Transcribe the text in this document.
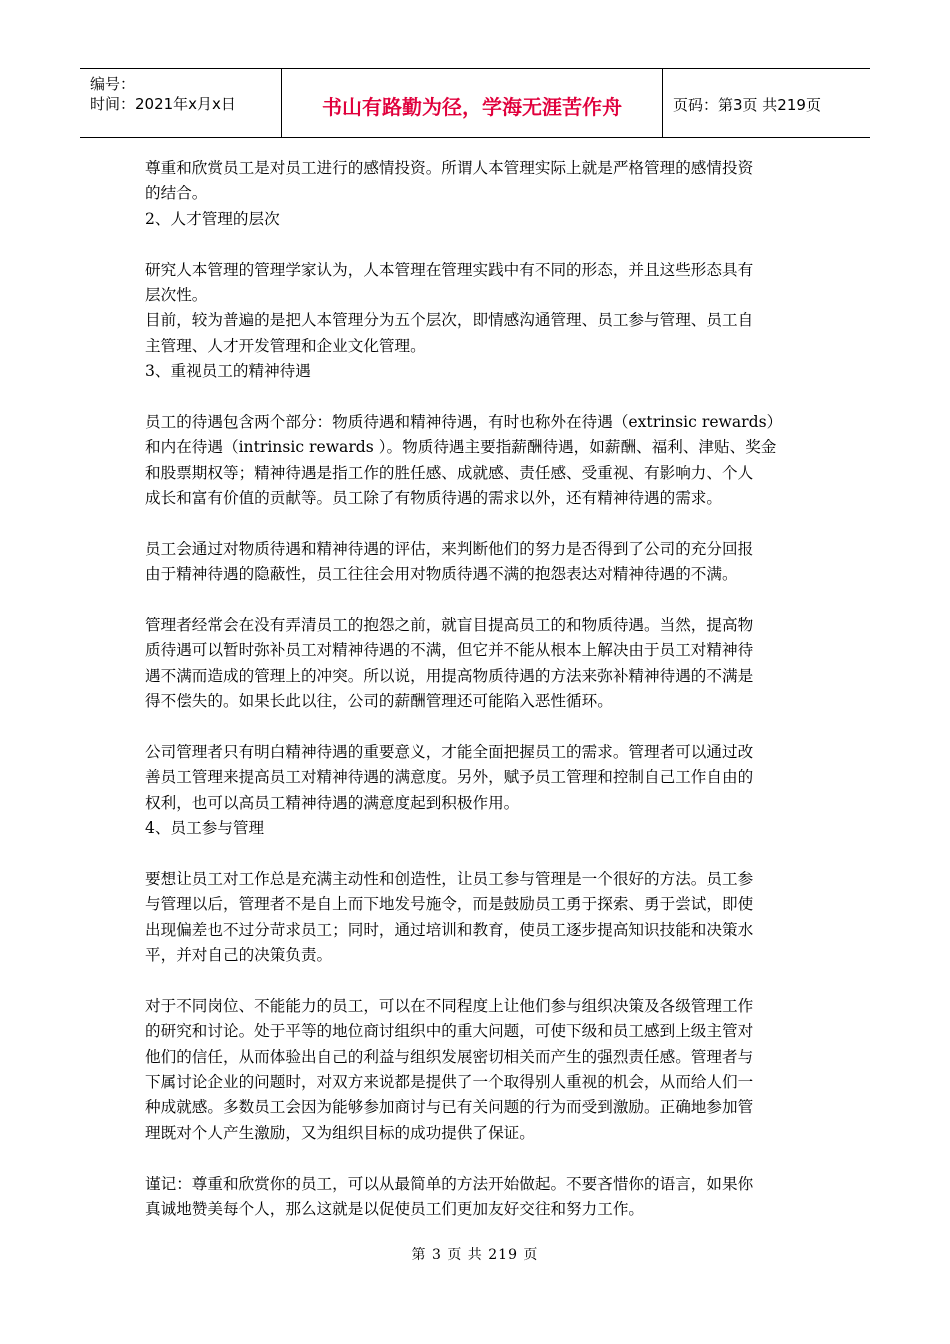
编号：
时间：2021年x月x日	书山有路勤为径，学海无涯苦作舟	页码：第3页 共219页
尊重和欣赏员工是对员工进行的感情投资。所谓人本管理实际上就是严格管理的感情投资
的结合。
2、人才管理的层次
研究人本管理的管理学家认为，人本管理在管理实践中有不同的形态，并且这些形态具有
层次性。
目前，较为普遍的是把人本管理分为五个层次，即情感沟通管理、员工参与管理、员工自
主管理、人才开发管理和企业文化管理。
3、重视员工的精神待遇
员工的待遇包含两个部分：物质待遇和精神待遇，有时也称外在待遇（extrinsic rewards）
和内在待遇（intrinsic rewards ）。物质待遇主要指薪酬待遇，如薪酬、福利、津贴、奖金
和股票期权等；精神待遇是指工作的胜任感、成就感、责任感、受重视、有影响力、个人
成长和富有价值的贡献等。员工除了有物质待遇的需求以外，还有精神待遇的需求。
员工会通过对物质待遇和精神待遇的评估，来判断他们的努力是否得到了公司的充分回报
由于精神待遇的隐蔽性，员工往往会用对物质待遇不满的抱怨表达对精神待遇的不满。
管理者经常会在没有弄清员工的抱怨之前，就盲目提高员工的和物质待遇。当然，提高物
质待遇可以暂时弥补员工对精神待遇的不满，但它并不能从根本上解决由于员工对精神待
遇不满而造成的管理上的冲突。所以说，用提高物质待遇的方法来弥补精神待遇的不满是
得不偿失的。如果长此以往，公司的薪酬管理还可能陷入恶性循环。
公司管理者只有明白精神待遇的重要意义，才能全面把握员工的需求。管理者可以通过改
善员工管理来提高员工对精神待遇的满意度。另外，赋予员工管理和控制自己工作自由的
权利，也可以高员工精神待遇的满意度起到积极作用。
4、员工参与管理
要想让员工对工作总是充满主动性和创造性，让员工参与管理是一个很好的方法。员工参
与管理以后，管理者不是自上而下地发号施令，而是鼓励员工勇于探索、勇于尝试，即使
出现偏差也不过分苛求员工；同时，通过培训和教育，使员工逐步提高知识技能和决策水
平，并对自己的决策负责。
对于不同岗位、不能能力的员工，可以在不同程度上让他们参与组织决策及各级管理工作
的研究和讨论。处于平等的地位商讨组织中的重大问题，可使下级和员工感到上级主管对
他们的信任，从而体验出自己的利益与组织发展密切相关而产生的强烈责任感。管理者与
下属讨论企业的问题时，对双方来说都是提供了一个取得别人重视的机会，从而给人们一
种成就感。多数员工会因为能够参加商讨与已有关问题的行为而受到激励。正确地参加管
理既对个人产生激励，又为组织目标的成功提供了保证。
谨记：尊重和欣赏你的员工，可以从最简单的方法开始做起。不要吝惜你的语言，如果你
真诚地赞美每个人，那么这就是以促使员工们更加友好交往和努力工作。
第 3 页 共 219 页
